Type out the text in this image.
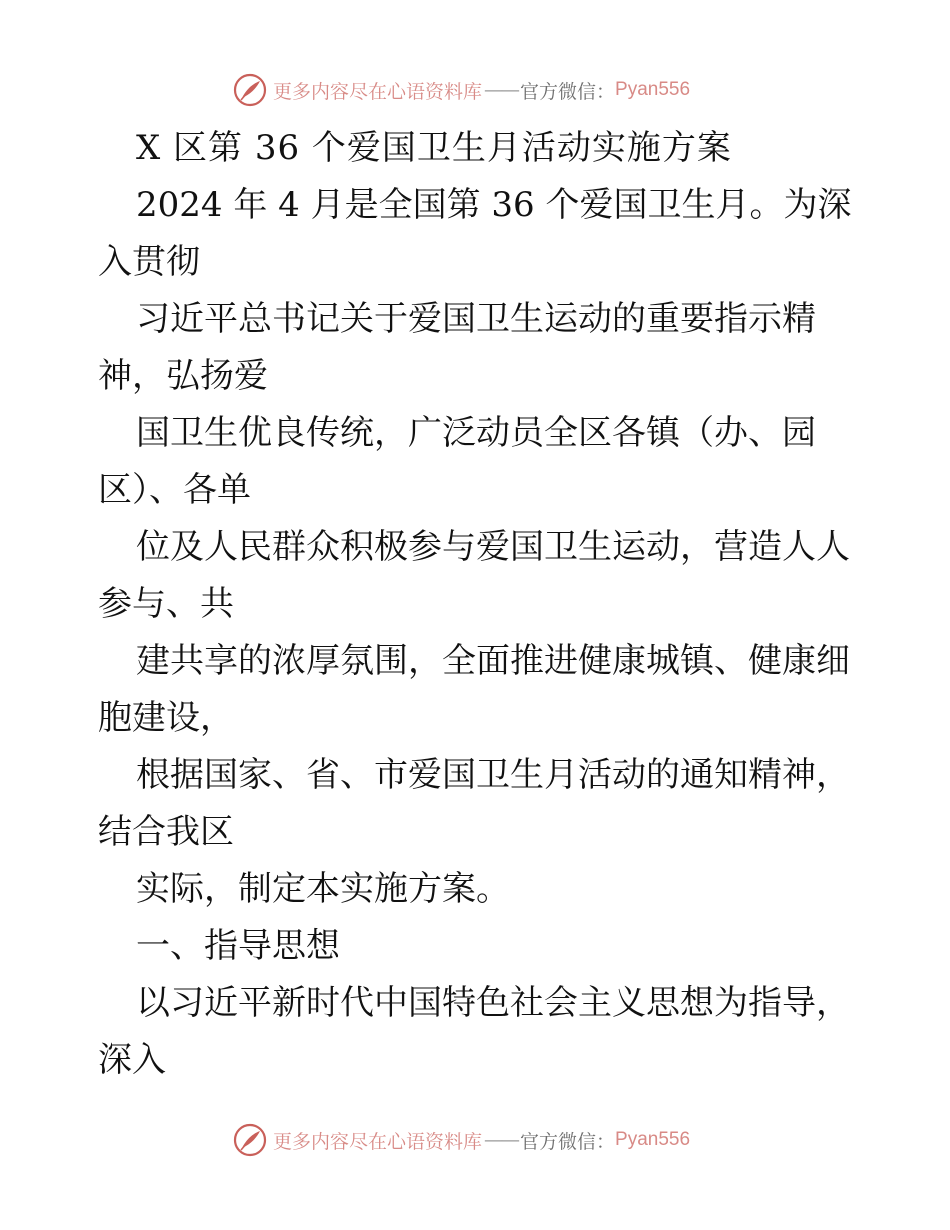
更多内容尽在心语资料库 —— 官方微信： Pyan556
X 区第 36 个爱国卫生月活动实施方案
2024 年 4 月是全国第 36 个爱国卫生月。为深
入贯彻
习近平总书记关于爱国卫生运动的重要指示精
神，弘扬爱
国卫生优良传统，广泛动员全区各镇（办、园
区）、各单
位及人民群众积极参与爱国卫生运动，营造人人
参与、共
建共享的浓厚氛围，全面推进健康城镇、健康细
胞建设，
根据国家、省、市爱国卫生月活动的通知精神，
结合我区
实际，制定本实施方案。
一、指导思想
以习近平新时代中国特色社会主义思想为指导，
深入
更多内容尽在心语资料库 —— 官方微信： Pyan556
